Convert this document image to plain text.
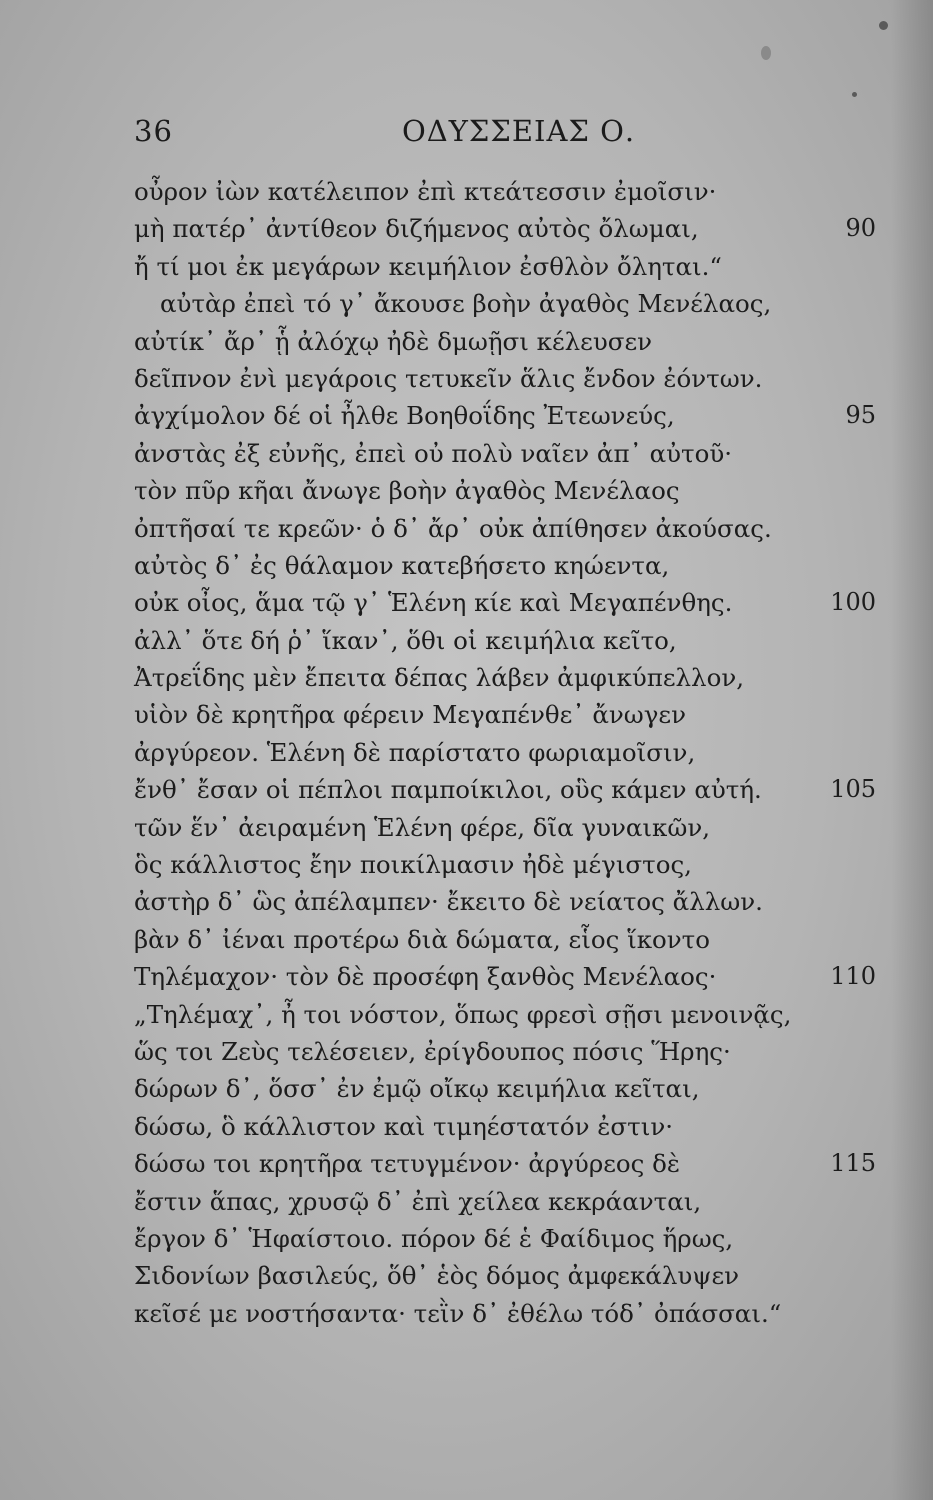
36	ΟΔΥΣΣΕΙΑΣ Ο.
οὖρον ἰὼν κατέλειπον ἐπὶ κτεάτεσσιν ἐμοῖσιν·
μὴ πατέρ᾽ ἀντίθεον διζήμενος αὐτὸς ὄλωμαι,	90
ἤ τί μοι ἐκ μεγάρων κειμήλιον ἐσθλὸν ὄληται.“
αὐτὰρ ἐπεὶ τό γ᾽ ἄκουσε βοὴν ἀγαθὸς Μενέλαος,
αὐτίκ᾽ ἄρ᾽ ᾗ ἀλόχῳ ἠδὲ δμωῇσι κέλευσεν
δεῖπνον ἐνὶ μεγάροις τετυκεῖν ἅλις ἔνδον ἐόντων.
ἀγχίμολον δέ οἱ ἦλθε Βοηθοΐδης Ἐτεωνεύς,	95
ἀνστὰς ἐξ εὐνῆς, ἐπεὶ οὐ πολὺ ναῖεν ἀπ᾽ αὐτοῦ·
τὸν πῦρ κῆαι ἄνωγε βοὴν ἀγαθὸς Μενέλαος
ὀπτῆσαί τε κρεῶν· ὁ δ᾽ ἄρ᾽ οὐκ ἀπίθησεν ἀκούσας.
αὐτὸς δ᾽ ἐς θάλαμον κατεβήσετο κηώεντα,
οὐκ οἶος, ἅμα τῷ γ᾽ Ἑλένη κίε καὶ Μεγαπένθης.	100
ἀλλ᾽ ὅτε δή ῥ᾽ ἵκαν᾽, ὅθι οἱ κειμήλια κεῖτο,
Ἀτρεΐδης μὲν ἔπειτα δέπας λάβεν ἀμφικύπελλον,
υἱὸν δὲ κρητῆρα φέρειν Μεγαπένθε᾽ ἄνωγεν
ἀργύρεον. Ἑλένη δὲ παρίστατο φωριαμοῖσιν,
ἔνθ᾽ ἔσαν οἱ πέπλοι παμποίκιλοι, οὓς κάμεν αὐτή.	105
τῶν ἕν᾽ ἀειραμένη Ἑλένη φέρε, δῖα γυναικῶν,
ὃς κάλλιστος ἔην ποικίλμασιν ἠδὲ μέγιστος,
ἀστὴρ δ᾽ ὣς ἀπέλαμπεν· ἔκειτο δὲ νείατος ἄλλων.
βὰν δ᾽ ἰέναι προτέρω διὰ δώματα, εἷος ἵκοντο
Τηλέμαχον· τὸν δὲ προσέφη ξανθὸς Μενέλαος·	110
„Τηλέμαχ᾽, ἦ τοι νόστον, ὅπως φρεσὶ σῇσι μενοινᾷς,
ὥς τοι Ζεὺς τελέσειεν, ἐρίγδουπος πόσις Ἥρης·
δώρων δ᾽, ὅσσ᾽ ἐν ἐμῷ οἴκῳ κειμήλια κεῖται,
δώσω, ὃ κάλλιστον καὶ τιμηέστατόν ἐστιν·
δώσω τοι κρητῆρα τετυγμένον· ἀργύρεος δὲ	115
ἔστιν ἅπας, χρυσῷ δ᾽ ἐπὶ χείλεα κεκράανται,
ἔργον δ᾽ Ἡφαίστοιο. πόρον δέ ἑ Φαίδιμος ἥρως,
Σιδονίων βασιλεύς, ὅθ᾽ ἑὸς δόμος ἀμφεκάλυψεν
κεῖσέ με νοστήσαντα· τεῒν δ᾽ ἐθέλω τόδ᾽ ὀπάσσαι.“
